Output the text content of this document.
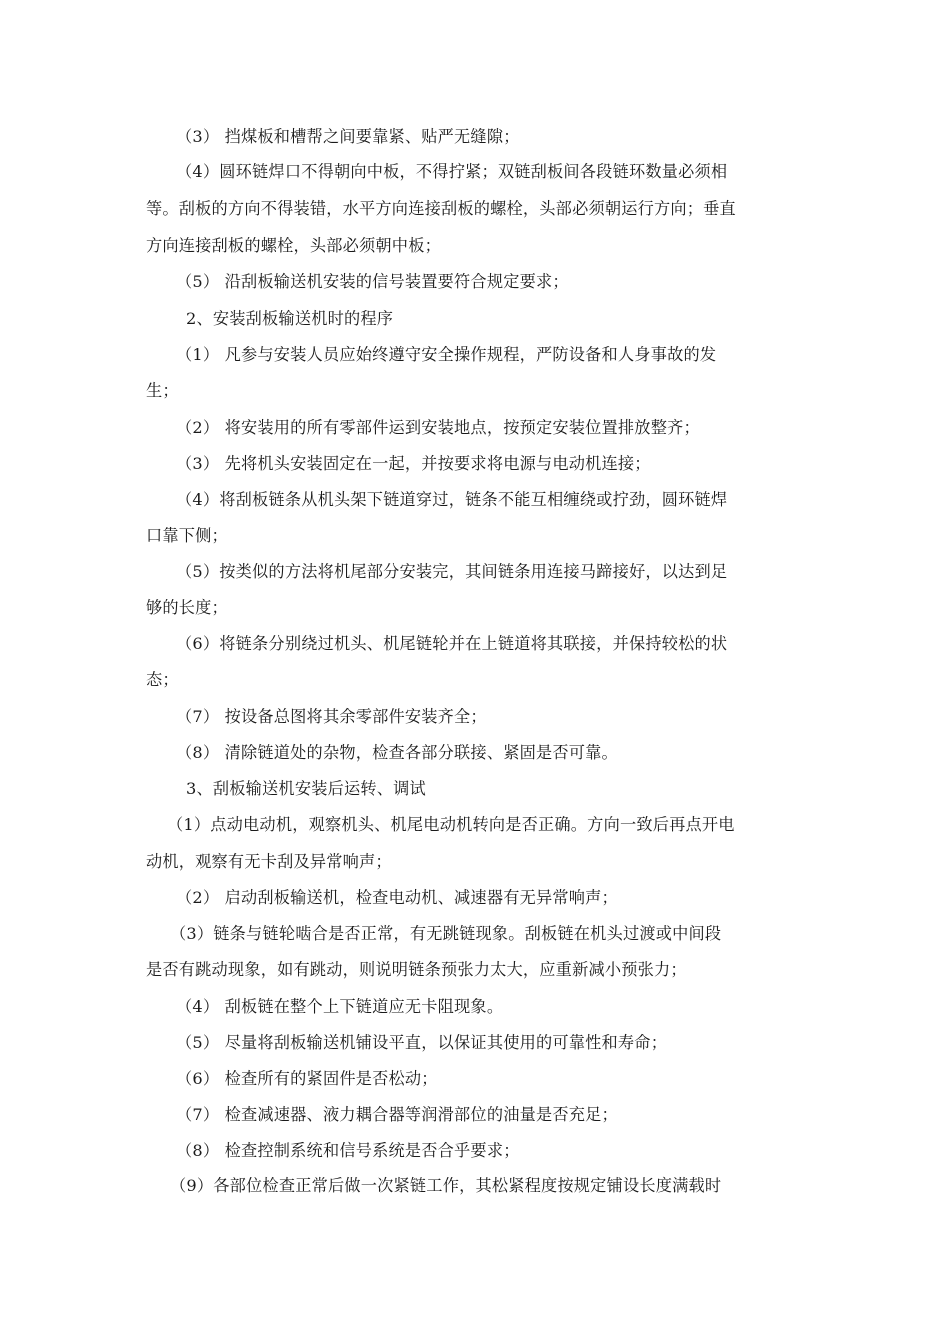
（3） 挡煤板和槽帮之间要靠紧、贴严无缝隙；
（4）圆环链焊口不得朝向中板，不得拧紧；双链刮板间各段链环数量必须相
等。刮板的方向不得装错，水平方向连接刮板的螺栓，头部必须朝运行方向；垂直
方向连接刮板的螺栓，头部必须朝中板；
（5） 沿刮板输送机安装的信号装置要符合规定要求；
2、安装刮板输送机时的程序
（1） 凡参与安装人员应始终遵守安全操作规程，严防设备和人身事故的发
生；
（2） 将安装用的所有零部件运到安装地点，按预定安装位置排放整齐；
（3） 先将机头安装固定在一起，并按要求将电源与电动机连接；
（4）将刮板链条从机头架下链道穿过，链条不能互相缠绕或拧劲，圆环链焊
口靠下侧；
（5）按类似的方法将机尾部分安装完，其间链条用连接马蹄接好，以达到足
够的长度；
（6）将链条分别绕过机头、机尾链轮并在上链道将其联接，并保持较松的状
态；
（7） 按设备总图将其余零部件安装齐全；
（8） 清除链道处的杂物，检查各部分联接、紧固是否可靠。
3、刮板输送机安装后运转、调试
（1）点动电动机，观察机头、机尾电动机转向是否正确。方向一致后再点开电
动机，观察有无卡刮及异常响声；
（2） 启动刮板输送机，检查电动机、减速器有无异常响声；
（3）链条与链轮啮合是否正常，有无跳链现象。刮板链在机头过渡或中间段
是否有跳动现象，如有跳动，则说明链条预张力太大，应重新减小预张力；
（4） 刮板链在整个上下链道应无卡阻现象。
（5） 尽量将刮板输送机铺设平直，以保证其使用的可靠性和寿命；
（6） 检查所有的紧固件是否松动；
（7） 检查减速器、液力耦合器等润滑部位的油量是否充足；
（8） 检查控制系统和信号系统是否合乎要求；
（9）各部位检查正常后做一次紧链工作，其松紧程度按规定铺设长度满载时
